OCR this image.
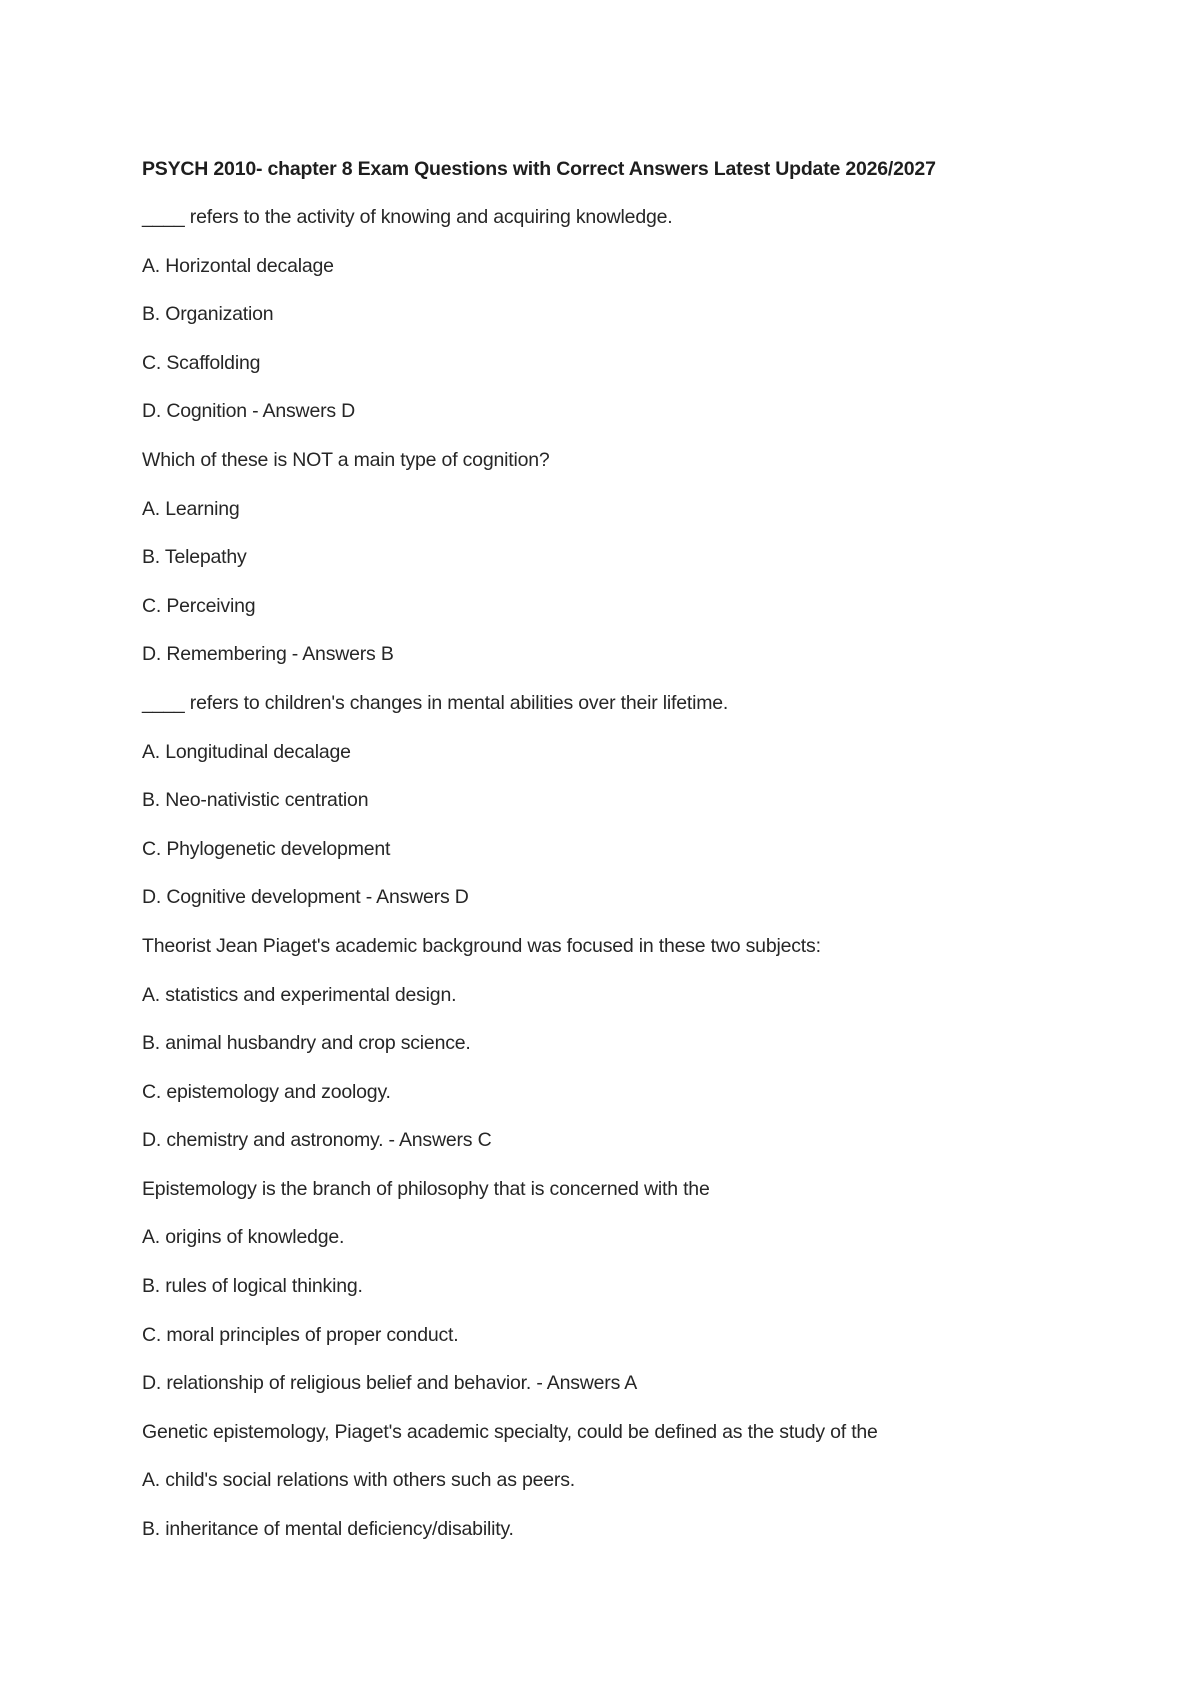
PSYCH 2010- chapter 8 Exam Questions with Correct Answers Latest Update 2026/2027
____ refers to the activity of knowing and acquiring knowledge.
A. Horizontal decalage
B. Organization
C. Scaffolding
D. Cognition - Answers D
Which of these is NOT a main type of cognition?
A. Learning
B. Telepathy
C. Perceiving
D. Remembering - Answers B
____ refers to children's changes in mental abilities over their lifetime.
A. Longitudinal decalage
B. Neo-nativistic centration
C. Phylogenetic development
D. Cognitive development - Answers D
Theorist Jean Piaget's academic background was focused in these two subjects:
A. statistics and experimental design.
B. animal husbandry and crop science.
C. epistemology and zoology.
D. chemistry and astronomy. - Answers C
Epistemology is the branch of philosophy that is concerned with the
A. origins of knowledge.
B. rules of logical thinking.
C. moral principles of proper conduct.
D. relationship of religious belief and behavior. - Answers A
Genetic epistemology, Piaget's academic specialty, could be defined as the study of the
A. child's social relations with others such as peers.
B. inheritance of mental deficiency/disability.
